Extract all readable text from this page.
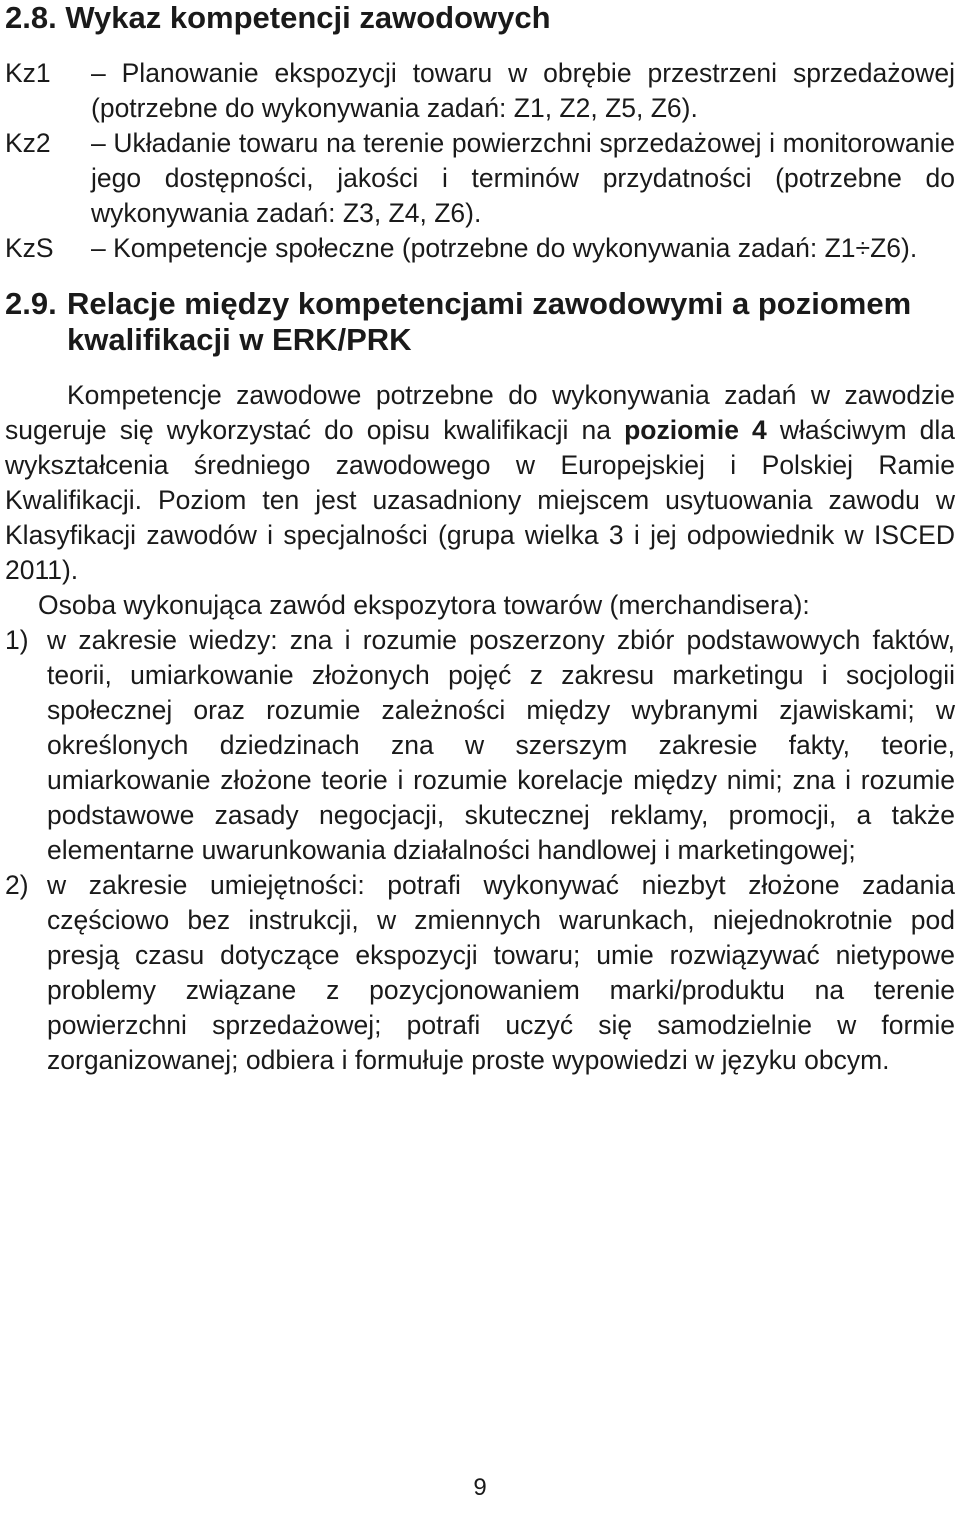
2.8. Wykaz kompetencji zawodowych
Kz1	– Planowanie ekspozycji towaru w obrębie przestrzeni sprzedażowej (potrzebne do wykonywania zadań: Z1, Z2, Z5, Z6).
Kz2	– Układanie towaru na terenie powierzchni sprzedażowej i monitorowanie jego dostępności, jakości i terminów przydatności (potrzebne do wykonywania zadań: Z3, Z4, Z6).
KzS	– Kompetencje społeczne (potrzebne do wykonywania zadań: Z1÷Z6).
2.9. Relacje między kompetencjami zawodowymi a poziomem kwalifikacji w ERK/PRK
Kompetencje zawodowe potrzebne do wykonywania zadań w zawodzie sugeruje się wykorzystać do opisu kwalifikacji na poziomie 4 właściwym dla wykształcenia średniego zawodowego w Europejskiej i Polskiej Ramie Kwalifikacji. Poziom ten jest uzasadniony miejscem usytuowania zawodu w Klasyfikacji zawodów i specjalności (grupa wielka 3 i jej odpowiednik w ISCED 2011).
Osoba wykonująca zawód ekspozytora towarów (merchandisera):
1) w zakresie wiedzy: zna i rozumie poszerzony zbiór podstawowych faktów, teorii, umiarkowanie złożonych pojęć z zakresu marketingu i socjologii społecznej oraz rozumie zależności między wybranymi zjawiskami; w określonych dziedzinach zna w szerszym zakresie fakty, teorie, umiarkowanie złożone teorie i rozumie korelacje między nimi; zna i rozumie podstawowe zasady negocjacji, skutecznej reklamy, promocji, a także elementarne uwarunkowania działalności handlowej i marketingowej;
2) w zakresie umiejętności: potrafi wykonywać niezbyt złożone zadania częściowo bez instrukcji, w zmiennych warunkach, niejednokrotnie pod presją czasu dotyczące ekspozycji towaru; umie rozwiązywać nietypowe problemy związane z pozycjonowaniem marki/produktu na terenie powierzchni sprzedażowej; potrafi uczyć się samodzielnie w formie zorganizowanej; odbiera i formułuje proste wypowiedzi w języku obcym.
9
